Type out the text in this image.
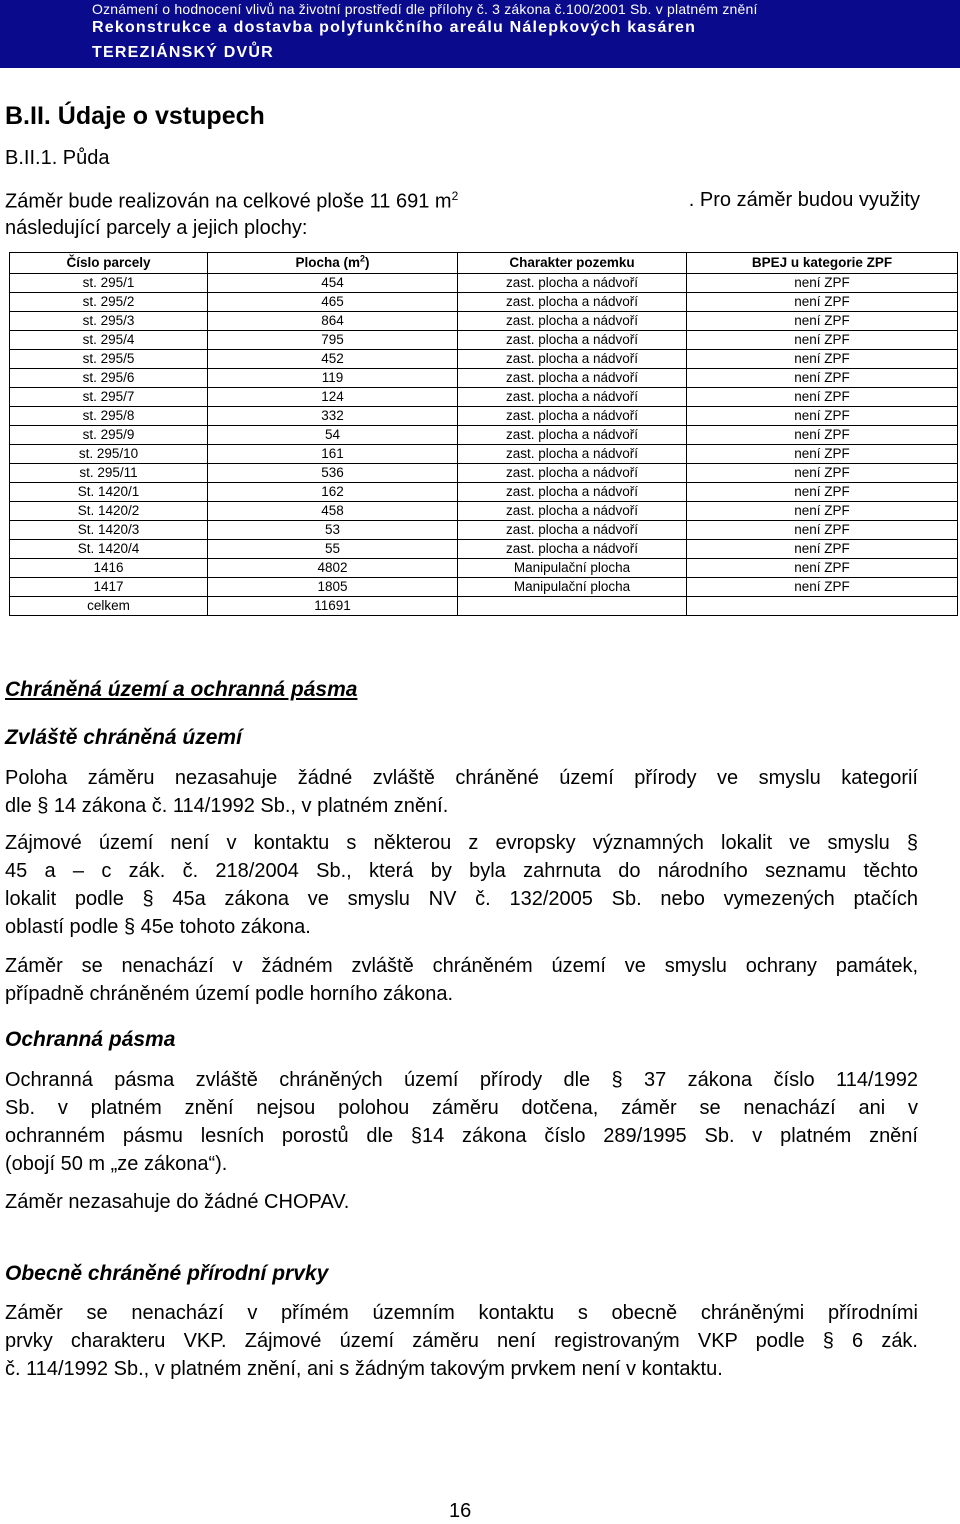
Oznámení o hodnocení vlivů na životní prostředí dle přílohy č. 3 zákona č.100/2001 Sb. v platném znění
Rekonstrukce a dostavba polyfunkčního areálu Nálepkových kasáren
TEREZIÁNSKÝ DVŮR
B.II. Údaje o vstupech
B.II.1. Půda
Záměr bude realizován na celkové ploše 11 691 $m^2$	. Pro záměr budou využity
následující parcely a jejich plochy:
Číslo parcely	Plocha $(m^2)$	Charakter pozemku	BPEJ u kategorie ZPF
st. 295/1	454	zast. plocha a nádvoří	není ZPF
st. 295/2	465	zast. plocha a nádvoří	není ZPF
st. 295/3	864	zast. plocha a nádvoří	není ZPF
st. 295/4	795	zast. plocha a nádvoří	není ZPF
st. 295/5	452	zast. plocha a nádvoří	není ZPF
st. 295/6	119	zast. plocha a nádvoří	není ZPF
st. 295/7	124	zast. plocha a nádvoří	není ZPF
st. 295/8	332	zast. plocha a nádvoří	není ZPF
st. 295/9	54	zast. plocha a nádvoří	není ZPF
st. 295/10	161	zast. plocha a nádvoří	není ZPF
st. 295/11	536	zast. plocha a nádvoří	není ZPF
St. 1420/1	162	zast. plocha a nádvoří	není ZPF
St. 1420/2	458	zast. plocha a nádvoří	není ZPF
St. 1420/3	53	zast. plocha a nádvoří	není ZPF
St. 1420/4	55	zast. plocha a nádvoří	není ZPF
1416	4802	Manipulační plocha	není ZPF
1417	1805	Manipulační plocha	není ZPF
celkem	11691		
Chráněná území a ochranná pásma
Zvláště chráněná území
Poloha záměru nezasahuje žádné zvláště chráněné území přírody ve smyslu kategorií
dle § 14 zákona č. 114/1992 Sb., v platném znění.
Zájmové území není v kontaktu s některou z evropsky významných lokalit ve smyslu §
45 a – c zák. č. 218/2004 Sb., která by byla zahrnuta do národního seznamu těchto
lokalit podle § 45a zákona ve smyslu NV č. 132/2005 Sb. nebo vymezených ptačích
oblastí podle § 45e tohoto zákona.
Záměr se nenachází v žádném zvláště chráněném území ve smyslu ochrany památek,
případně chráněném území podle horního zákona.
Ochranná pásma
Ochranná pásma zvláště chráněných území přírody dle § 37 zákona číslo 114/1992
Sb. v platném znění nejsou polohou záměru dotčena, záměr se nenachází ani v
ochranném pásmu lesních porostů dle §14 zákona číslo 289/1995 Sb. v platném znění
(obojí 50 m „ze zákona“).
Záměr nezasahuje do žádné CHOPAV.
Obecně chráněné přírodní prvky
Záměr se nenachází v přímém územním kontaktu s obecně chráněnými přírodními
prvky charakteru VKP. Zájmové území záměru není registrovaným VKP podle § 6 zák.
č. 114/1992 Sb., v platném znění, ani s žádným takovým prvkem není v kontaktu.
16
